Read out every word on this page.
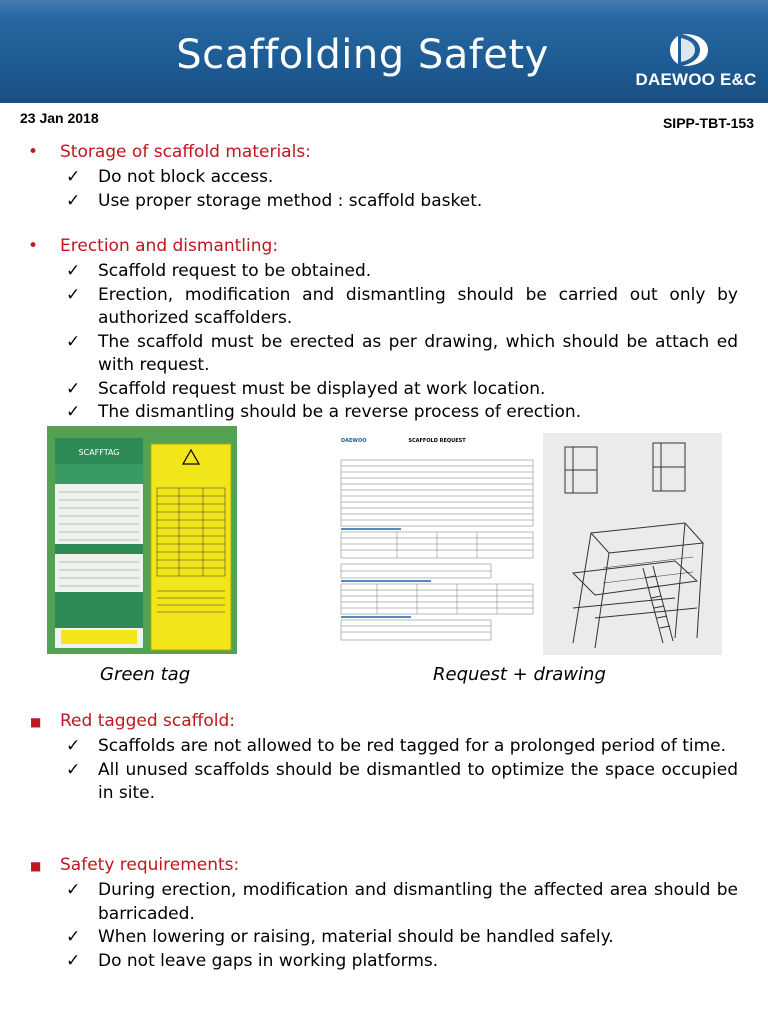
Scaffolding Safety
DAEWOO E&C
23 Jan 2018	SIPP-TBT-153
• Storage of scaffold materials:
✓ Do not block access.
✓ Use proper storage method : scaffold basket.
• Erection and dismantling:
✓ Scaffold request to be obtained.
✓ Erection, modification and dismantling should be carried out only by authorized scaffolders.
✓ The scaffold must be erected as per drawing, which should be attach ed with request.
✓ Scaffold request must be displayed at work location.
✓ The dismantling should be a reverse process of erection.
SCAFFTAG
Green tag
DAEWOO	SCAFFOLD REQUEST
Request + drawing
■ Red tagged scaffold:
✓ Scaffolds are not allowed to be red tagged for a prolonged period of time.
✓ All unused scaffolds should be dismantled to optimize the space occupied in site.
■ Safety requirements:
✓ During erection, modification and dismantling the affected area should be barricaded.
✓ When lowering or raising, material should be handled safely.
✓ Do not leave gaps in working platforms.
